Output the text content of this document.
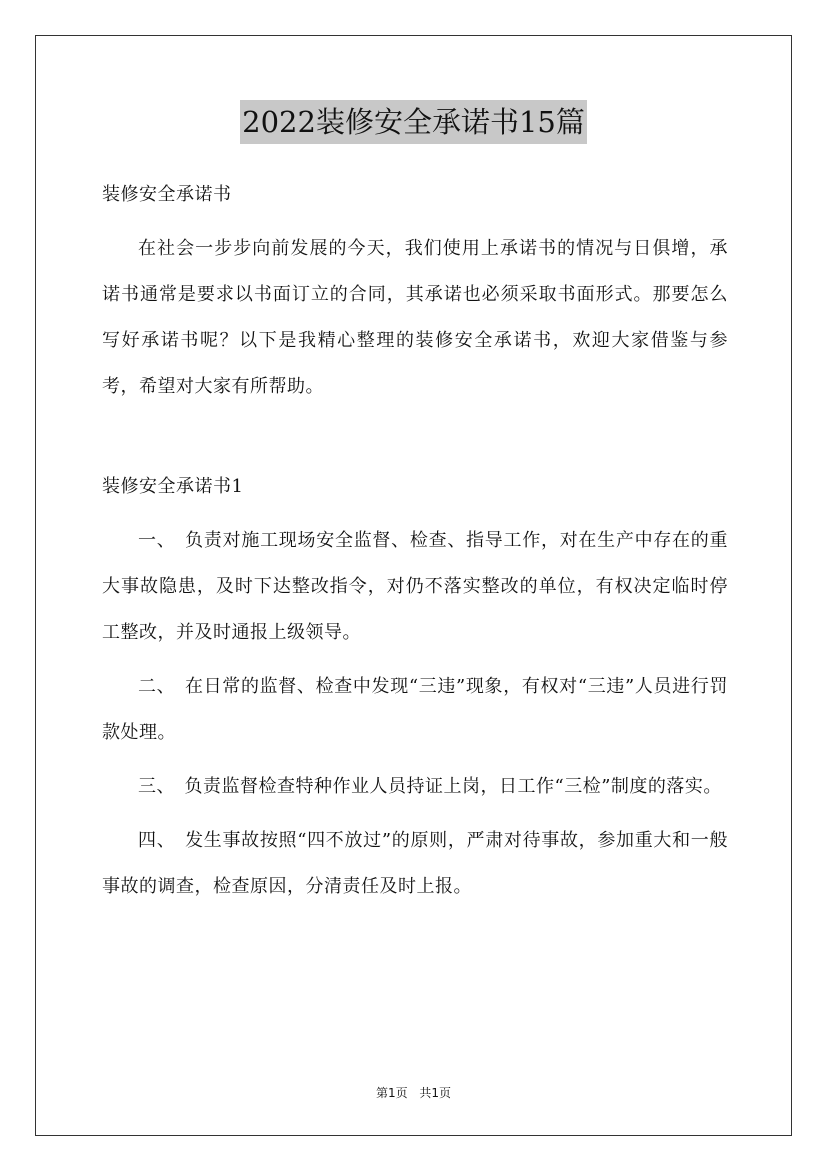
2022装修安全承诺书15篇

装修安全承诺书

在社会一步步向前发展的今天，我们使用上承诺书的情况与日俱增，承诺书通常是要求以书面订立的合同，其承诺也必须采取书面形式。那要怎么写好承诺书呢？以下是我精心整理的装修安全承诺书，欢迎大家借鉴与参考，希望对大家有所帮助。

装修安全承诺书1

一、　负责对施工现场安全监督、检查、指导工作，对在生产中存在的重大事故隐患，及时下达整改指令，对仍不落实整改的单位，有权决定临时停工整改，并及时通报上级领导。

二、　在日常的监督、检查中发现“三违”现象，有权对“三违”人员进行罚款处理。

三、　负责监督检查特种作业人员持证上岗，日工作“三检”制度的落实。

四、　发生事故按照“四不放过”的原则，严肃对待事故，参加重大和一般事故的调查，检查原因，分清责任及时上报。

第1页 共1页
